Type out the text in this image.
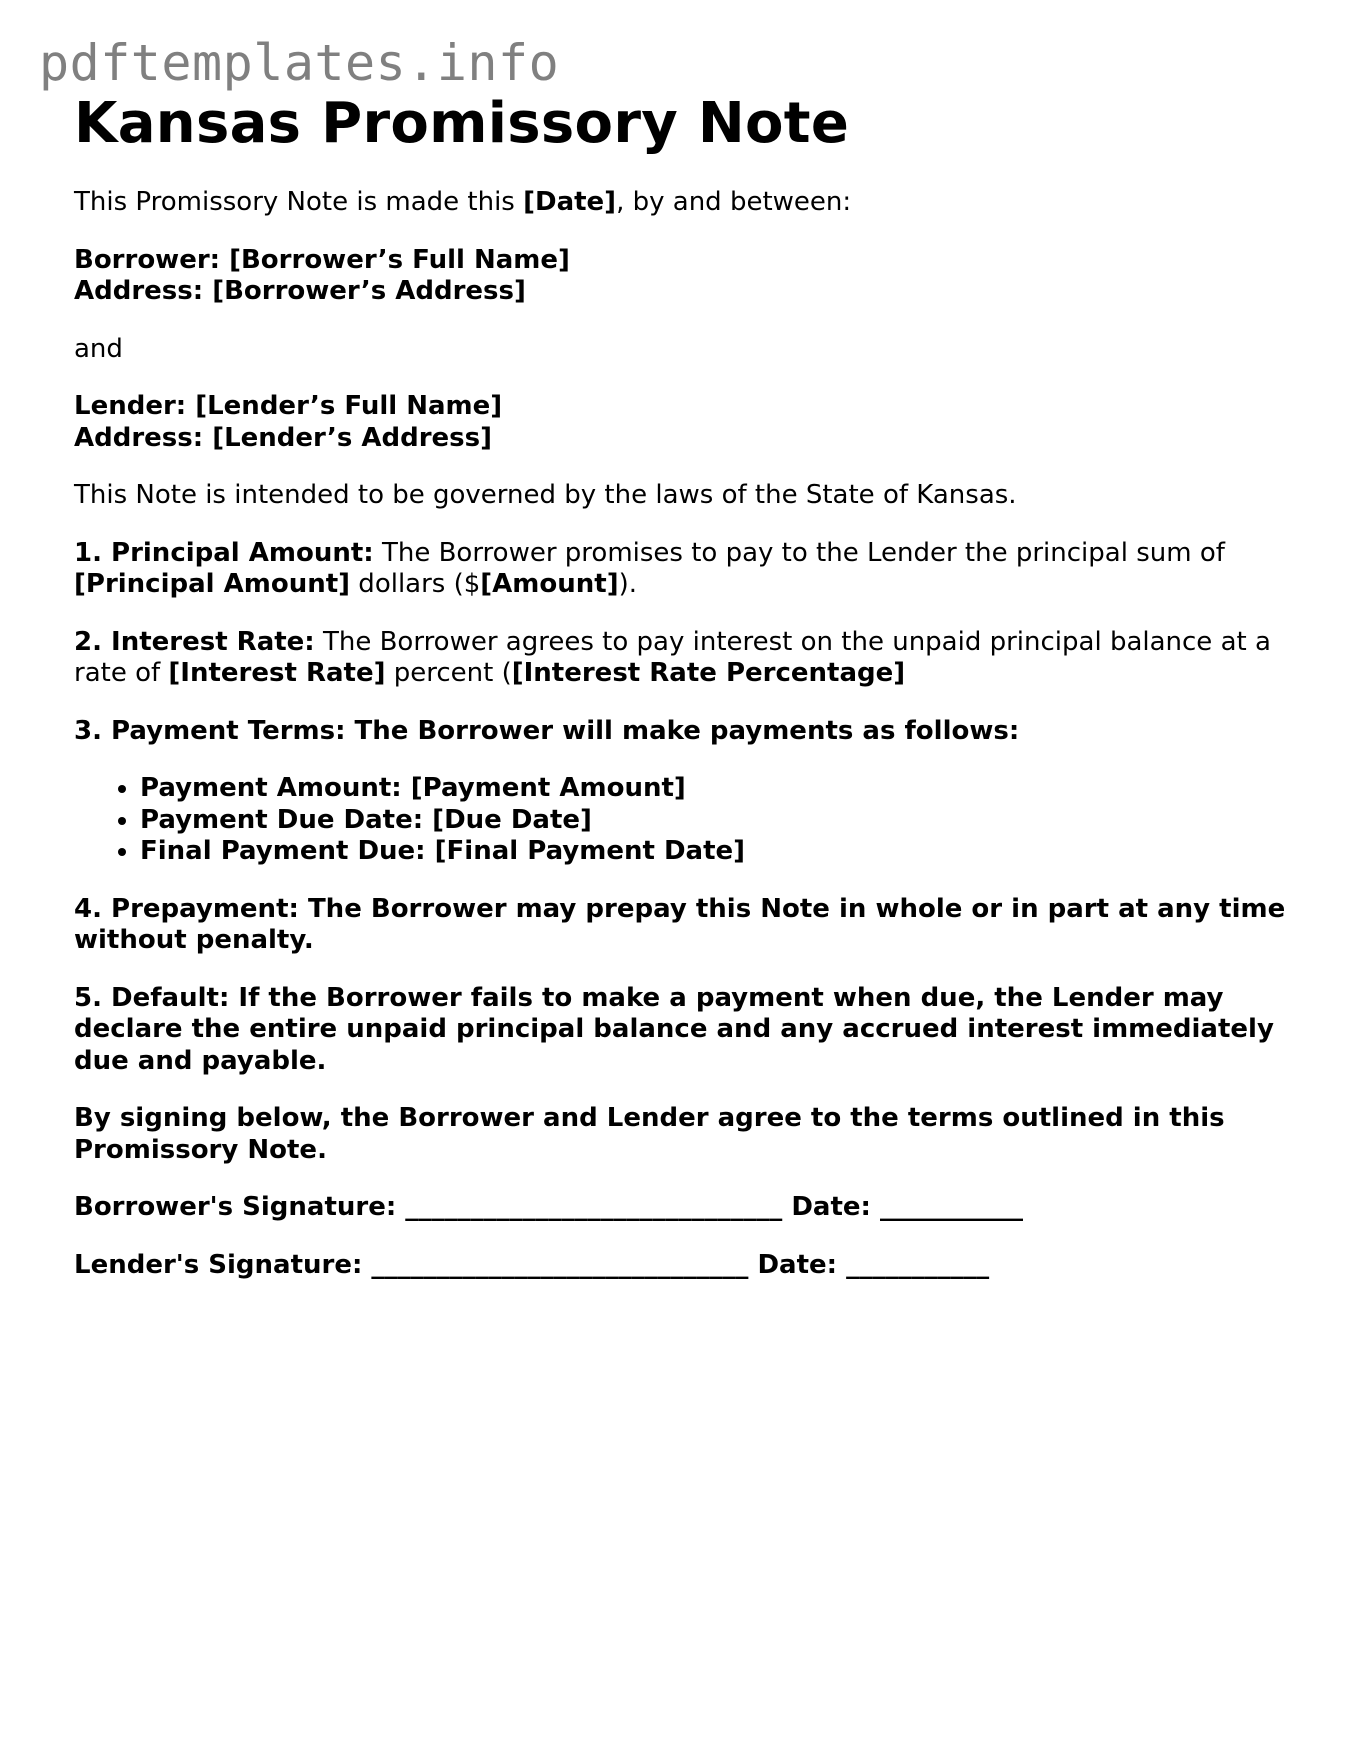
pdftemplates.info
Kansas Promissory Note

This Promissory Note is made this [Date], by and between:

Borrower: [Borrower’s Full Name]

Address: [Borrower’s Address]

and

Lender: [Lender’s Full Name]

Address: [Lender’s Address]

This Note is intended to be governed by the laws of the State of Kansas.

1. Principal Amount: The Borrower promises to pay to the Lender the principal sum of [Principal Amount] dollars ($[Amount]).

2. Interest Rate: The Borrower agrees to pay interest on the unpaid principal balance at a rate of [Interest Rate] percent ([Interest Rate Percentage]

3. Payment Terms: The Borrower will make payments as follows:

• Payment Amount: [Payment Amount]
• Payment Due Date: [Due Date]
• Final Payment Due: [Final Payment Date]

4. Prepayment: The Borrower may prepay this Note in whole or in part at any time without penalty.

5. Default: If the Borrower fails to make a payment when due, the Lender may declare the entire unpaid principal balance and any accrued interest immediately due and payable.

By signing below, the Borrower and Lender agree to the terms outlined in this Promissory Note.

Borrower's Signature: _____________________________ Date: ___________

Lender's Signature: _____________________________ Date: ___________
